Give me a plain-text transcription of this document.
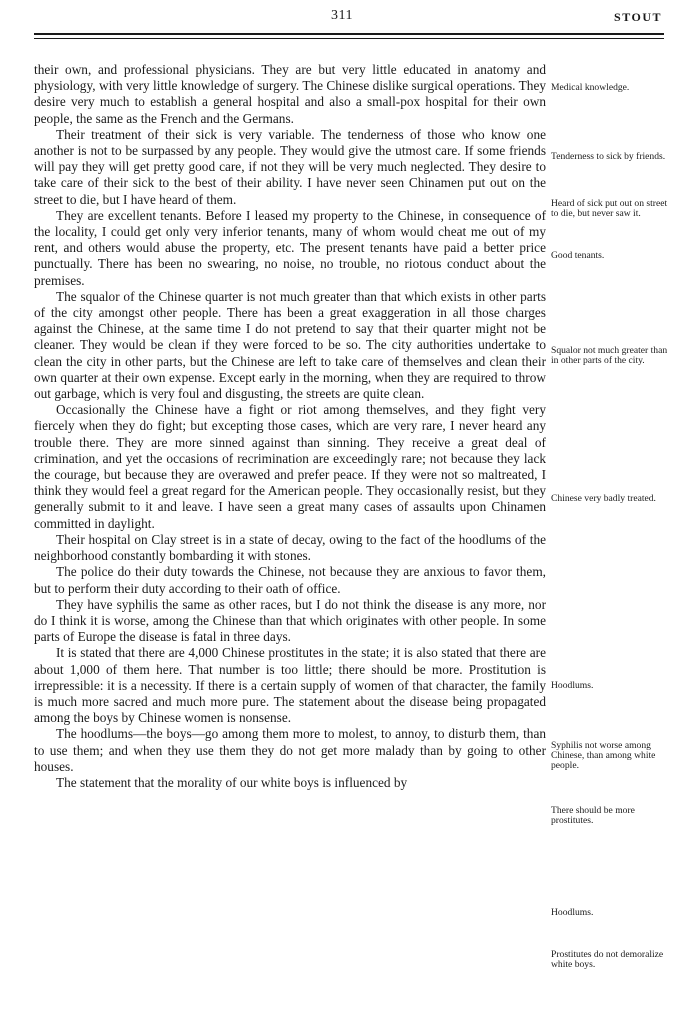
311	STOUT

their own, and professional physicians. They are but very little educated in anatomy and physiology, with very little knowledge of surgery. The Chinese dislike surgical operations. They desire very much to establish a general hospital and also a small-pox hospital for their own people, the same as the French and the Germans.

Their treatment of their sick is very variable. The tenderness of those who know one another is not to be surpassed by any people. They would give the utmost care. If some friends will pay they will get pretty good care, if not they will be very much neglected. They desire to take care of their sick to the best of their ability. I have never seen Chinamen put out on the street to die, but I have heard of them.

They are excellent tenants. Before I leased my property to the Chinese, in consequence of the locality, I could get only very inferior tenants, many of whom would cheat me out of my rent, and others would abuse the property, etc. The present tenants have paid a better price punctually. There has been no swearing, no noise, no trouble, no riotous conduct about the premises.

The squalor of the Chinese quarter is not much greater than that which exists in other parts of the city amongst other people. There has been a great exaggeration in all those charges against the Chinese, at the same time I do not pretend to say that their quarter might not be cleaner. They would be clean if they were forced to be so. The city authorities undertake to clean the city in other parts, but the Chinese are left to take care of themselves and clean their own quarter at their own expense. Except early in the morning, when they are required to throw out garbage, which is very foul and disgusting, the streets are quite clean.

Occasionally the Chinese have a fight or riot among themselves, and they fight very fiercely when they do fight; but excepting those cases, which are very rare, I never heard any trouble there. They are more sinned against than sinning. They receive a great deal of crimination, and yet the occasions of recrimination are exceedingly rare; not because they lack the courage, but because they are overawed and prefer peace. If they were not so maltreated, I think they would feel a great regard for the American people. They occasionally resist, but they generally submit to it and leave. I have seen a great many cases of assaults upon Chinamen committed in daylight.

Their hospital on Clay street is in a state of decay, owing to the fact of the hoodlums of the neighborhood constantly bombarding it with stones.

The police do their duty towards the Chinese, not because they are anxious to favor them, but to perform their duty according to their oath of office.

They have syphilis the same as other races, but I do not think the disease is any more, nor do I think it is worse, among the Chinese than that which originates with other people. In some parts of Europe the disease is fatal in three days.

It is stated that there are 4,000 Chinese prostitutes in the state; it is also stated that there are about 1,000 of them here. That number is too little; there should be more. Prostitution is irrepressible: it is a necessity. If there is a certain supply of women of that character, the family is much more sacred and much more pure. The statement about the disease being propagated among the boys by Chinese women is nonsense.

The hoodlums—the boys—go among them more to molest, to annoy, to disturb them, than to use them; and when they use them they do not get more malady than by going to other houses.

The statement that the morality of our white boys is influenced by

Medical knowledge.
Tenderness to sick by friends.
Heard of sick put out on street to die, but never saw it.
Good tenants.
Squalor not much greater than in other parts of the city.
Chinese very badly treated.
Hoodlums.
Syphilis not worse among Chinese, than among white people.
There should be more prostitutes.
Hoodlums.
Prostitutes do not demoralize white boys.
